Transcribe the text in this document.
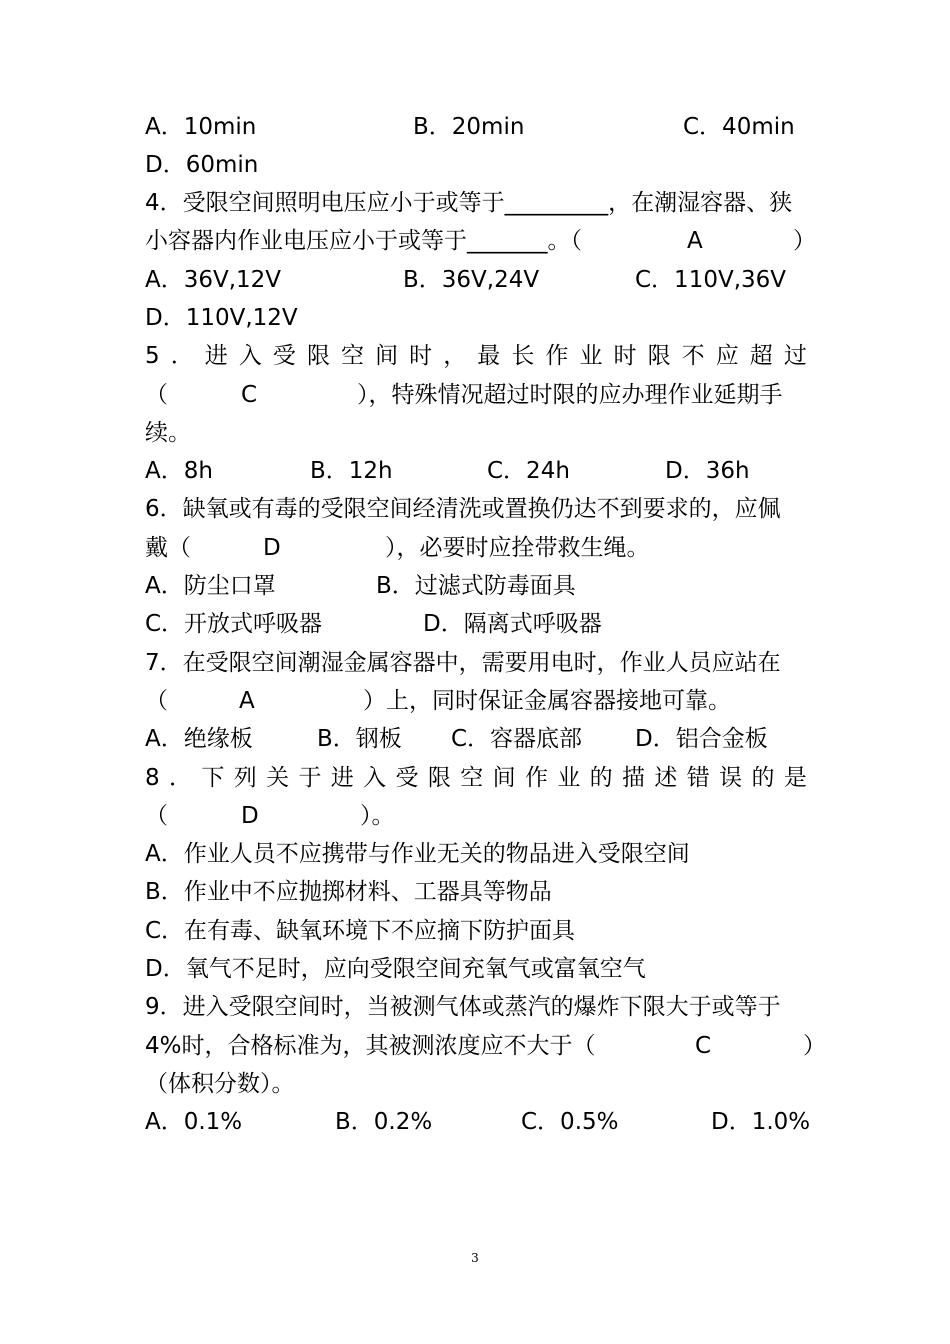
A．10min	B．20min	C．40min
D．60min
4．受限空间照明电压应小于或等于_________，在潮湿容器、狭
小容器内作业电压应小于或等于_______。（	A	）
A．36V,12V	B．36V,24V	C．110V,36V
D．110V,12V
5 ． 进 入 受 限 空 间 时 ， 最 长 作 业 时 限 不 应 超 过
（	C	），特殊情况超过时限的应办理作业延期手
续。
A．8h	B．12h	C．24h	D．36h
6．缺氧或有毒的受限空间经清洗或置换仍达不到要求的，应佩
戴（	D	），必要时应拴带救生绳。
A．防尘口罩	B．过滤式防毒面具
C．开放式呼吸器	D．隔离式呼吸器
7．在受限空间潮湿金属容器中，需要用电时，作业人员应站在
（	A	）上，同时保证金属容器接地可靠。
A．绝缘板	B．钢板 C．容器底部 D．铝合金板
8 ． 下 列 关 于 进 入 受 限 空 间 作 业 的 描 述 错 误 的 是
（	D	）。
A．作业人员不应携带与作业无关的物品进入受限空间
B．作业中不应抛掷材料、工器具等物品
C．在有毒、缺氧环境下不应摘下防护面具
D．氧气不足时，应向受限空间充氧气或富氧空气
9．进入受限空间时，当被测气体或蒸汽的爆炸下限大于或等于
4%时，合格标准为，其被测浓度应不大于（	C	）
（体积分数）。
A．0.1%	B．0.2%	C．0.5%	D．1.0%
3
